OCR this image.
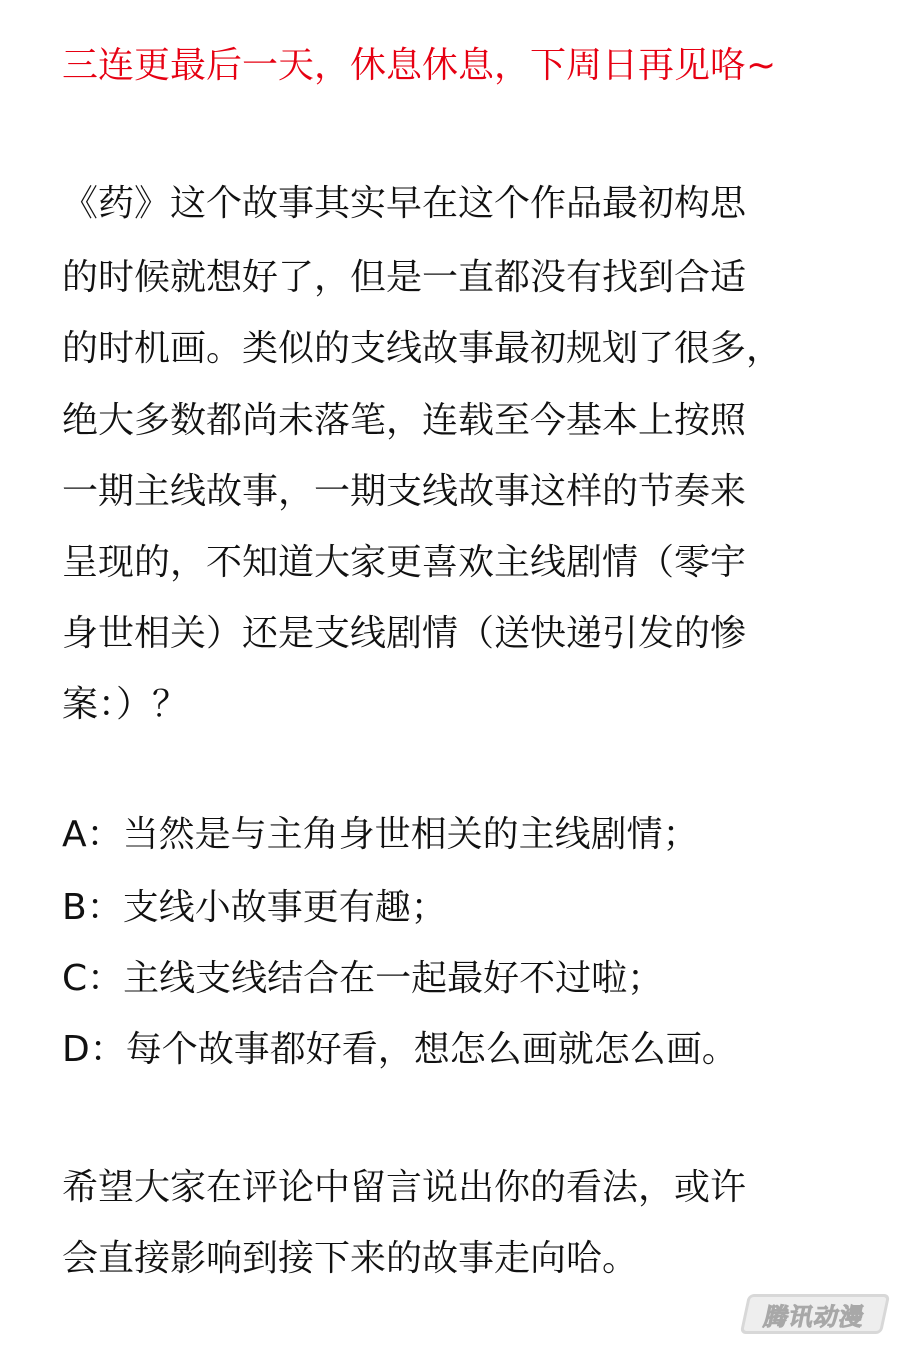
三连更最后一天，休息休息，下周日再见咯~
《药》这个故事其实早在这个作品最初构思
的时候就想好了，但是一直都没有找到合适
的时机画。类似的支线故事最初规划了很多，
绝大多数都尚未落笔，连载至今基本上按照
一期主线故事，一期支线故事这样的节奏来
呈现的，不知道大家更喜欢主线剧情（零宇
身世相关）还是支线剧情（送快递引发的惨
案：）？
A：当然是与主角身世相关的主线剧情；
B：支线小故事更有趣；
C：主线支线结合在一起最好不过啦；
D：每个故事都好看，想怎么画就怎么画。
希望大家在评论中留言说出你的看法，或许
会直接影响到接下来的故事走向哈。
腾讯动漫
